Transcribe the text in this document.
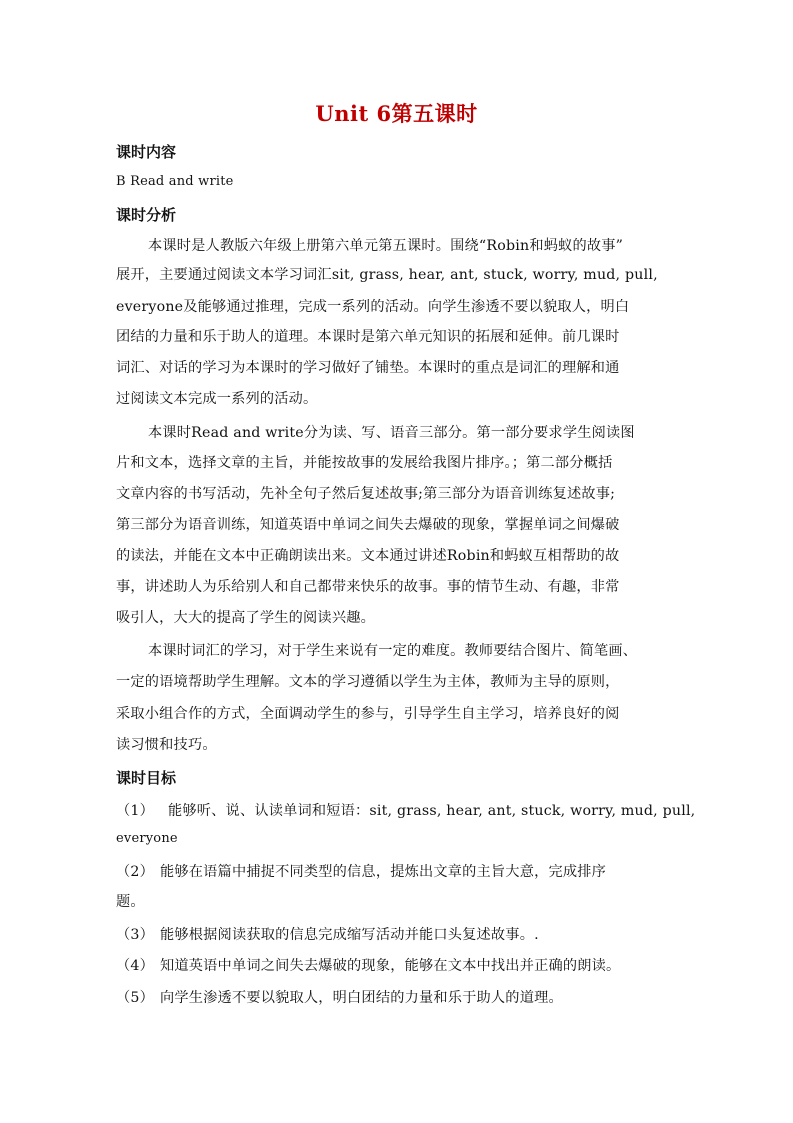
Unit 6第五课时
课时内容
B Read and write
课时分析
本课时是人教版六年级上册第六单元第五课时。围绕“Robin和蚂蚁的故事”
展开，主要通过阅读文本学习词汇sit, grass, hear, ant, stuck, worry, mud, pull,
everyone及能够通过推理，完成一系列的活动。向学生渗透不要以貌取人，明白
团结的力量和乐于助人的道理。本课时是第六单元知识的拓展和延伸。前几课时
词汇、对话的学习为本课时的学习做好了铺垫。本课时的重点是词汇的理解和通
过阅读文本完成一系列的活动。
本课时Read and write分为读、写、语音三部分。第一部分要求学生阅读图
片和文本，选择文章的主旨，并能按故事的发展给我图片排序。；第二部分概括
文章内容的书写活动，先补全句子然后复述故事;第三部分为语音训练复述故事;
第三部分为语音训练，知道英语中单词之间失去爆破的现象，掌握单词之间爆破
的读法，并能在文本中正确朗读出来。文本通过讲述Robin和蚂蚁互相帮助的故
事，讲述助人为乐给别人和自己都带来快乐的故事。事的情节生动、有趣，非常
吸引人，大大的提高了学生的阅读兴趣。
本课时词汇的学习，对于学生来说有一定的难度。教师要结合图片、简笔画、
一定的语境帮助学生理解。文本的学习遵循以学生为主体，教师为主导的原则，
采取小组合作的方式，全面调动学生的参与，引导学生自主学习，培养良好的阅
读习惯和技巧。
课时目标
（1） 能够听、说、认读单词和短语：sit, grass, hear, ant, stuck, worry, mud, pull,
everyone
（2） 能够在语篇中捕捉不同类型的信息，提炼出文章的主旨大意，完成排序
题。
（3） 能够根据阅读获取的信息完成缩写活动并能口头复述故事。.
（4） 知道英语中单词之间失去爆破的现象，能够在文本中找出并正确的朗读。
（5） 向学生渗透不要以貌取人，明白团结的力量和乐于助人的道理。
